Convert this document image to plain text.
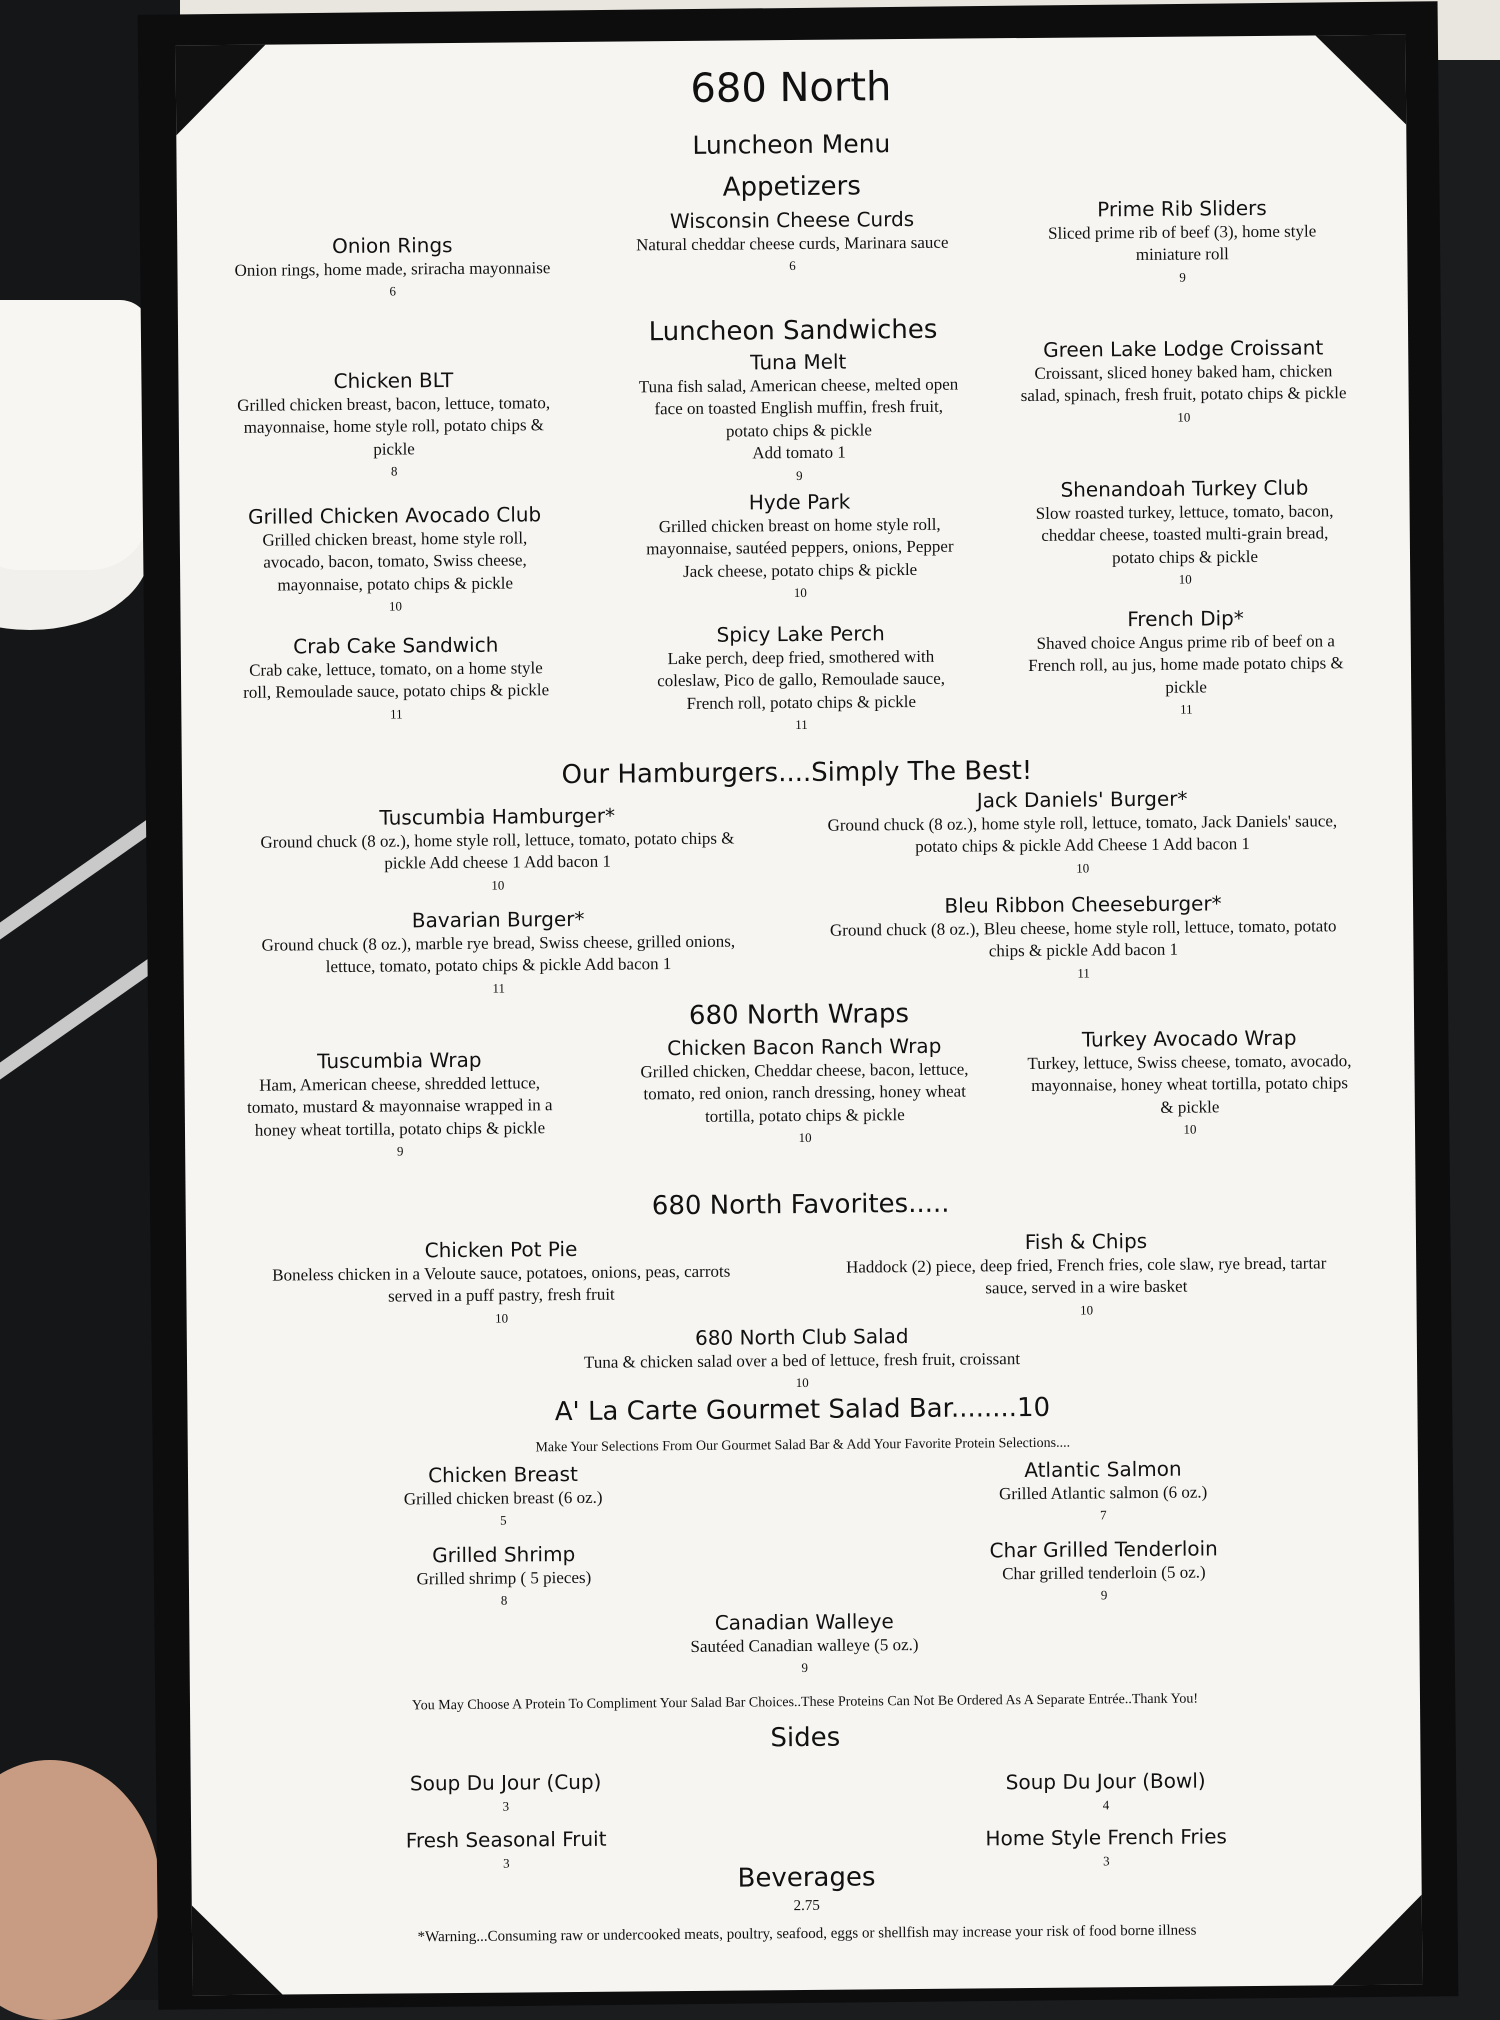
680 North
Luncheon Menu
Appetizers
Onion Rings
Onion rings, home made, sriracha mayonnaise
6
Wisconsin Cheese Curds
Natural cheddar cheese curds, Marinara sauce
6
Prime Rib Sliders
Sliced prime rib of beef (3), home style miniature roll
9
Luncheon Sandwiches
Chicken BLT
Grilled chicken breast, bacon, lettuce, tomato, mayonnaise, home style roll, potato chips & pickle
8
Tuna Melt
Tuna fish salad, American cheese, melted open face on toasted English muffin, fresh fruit, potato chips & pickle
Add tomato 1
9
Green Lake Lodge Croissant
Croissant, sliced honey baked ham, chicken salad, spinach, fresh fruit, potato chips & pickle
10
Grilled Chicken Avocado Club
Grilled chicken breast, home style roll, avocado, bacon, tomato, Swiss cheese, mayonnaise, potato chips & pickle
10
Hyde Park
Grilled chicken breast on home style roll, mayonnaise, sautéed peppers, onions, Pepper Jack cheese, potato chips & pickle
10
Shenandoah Turkey Club
Slow roasted turkey, lettuce, tomato, bacon, cheddar cheese, toasted multi-grain bread, potato chips & pickle
10
Crab Cake Sandwich
Crab cake, lettuce, tomato, on a home style roll, Remoulade sauce, potato chips & pickle
11
Spicy Lake Perch
Lake perch, deep fried, smothered with coleslaw, Pico de gallo, Remoulade sauce, French roll, potato chips & pickle
11
French Dip*
Shaved choice Angus prime rib of beef on a French roll, au jus, home made potato chips & pickle
11
Our Hamburgers....Simply The Best!
Tuscumbia Hamburger*
Ground chuck (8 oz.), home style roll, lettuce, tomato, potato chips & pickle Add cheese 1 Add bacon 1
10
Jack Daniels' Burger*
Ground chuck (8 oz.), home style roll, lettuce, tomato, Jack Daniels' sauce, potato chips & pickle Add Cheese 1 Add bacon 1
10
Bavarian Burger*
Ground chuck (8 oz.), marble rye bread, Swiss cheese, grilled onions, lettuce, tomato, potato chips & pickle Add bacon 1
11
Bleu Ribbon Cheeseburger*
Ground chuck (8 oz.), Bleu cheese, home style roll, lettuce, tomato, potato chips & pickle Add bacon 1
11
680 North Wraps
Tuscumbia Wrap
Ham, American cheese, shredded lettuce, tomato, mustard & mayonnaise wrapped in a honey wheat tortilla, potato chips & pickle
9
Chicken Bacon Ranch Wrap
Grilled chicken, Cheddar cheese, bacon, lettuce, tomato, red onion, ranch dressing, honey wheat tortilla, potato chips & pickle
10
Turkey Avocado Wrap
Turkey, lettuce, Swiss cheese, tomato, avocado, mayonnaise, honey wheat tortilla, potato chips & pickle
10
680 North Favorites.....
Chicken Pot Pie
Boneless chicken in a Veloute sauce, potatoes, onions, peas, carrots served in a puff pastry, fresh fruit
10
Fish & Chips
Haddock (2) piece, deep fried, French fries, cole slaw, rye bread, tartar sauce, served in a wire basket
10
680 North Club Salad
Tuna & chicken salad over a bed of lettuce, fresh fruit, croissant
10
A' La Carte Gourmet Salad Bar........10
Make Your Selections From Our Gourmet Salad Bar & Add Your Favorite Protein Selections....
Chicken Breast
Grilled chicken breast (6 oz.)
5
Atlantic Salmon
Grilled Atlantic salmon (6 oz.)
7
Grilled Shrimp
Grilled shrimp ( 5 pieces)
8
Char Grilled Tenderloin
Char grilled tenderloin (5 oz.)
9
Canadian Walleye
Sautéed Canadian walleye (5 oz.)
9
You May Choose A Protein To Compliment Your Salad Bar Choices..These Proteins Can Not Be Ordered As A Separate Entrée..Thank You!
Sides
Soup Du Jour (Cup)
3
Soup Du Jour (Bowl)
4
Fresh Seasonal Fruit
3
Home Style French Fries
3
Beverages
2.75
*Warning...Consuming raw or undercooked meats, poultry, seafood, eggs or shellfish may increase your risk of food borne illness
